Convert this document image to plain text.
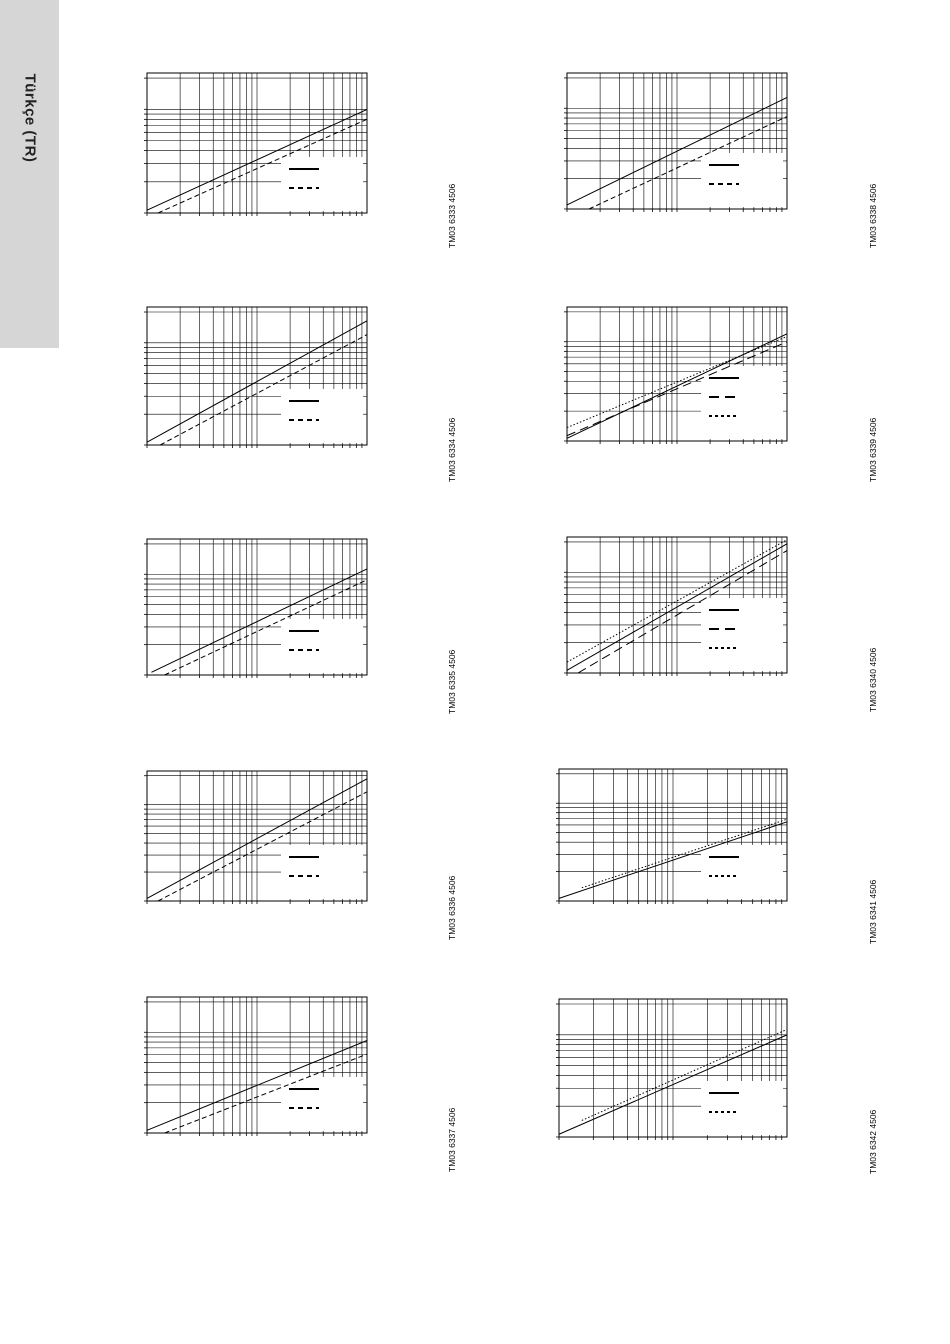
Türkçe (TR)
TM03 6333 4506
TM03 6334 4506
TM03 6335 4506
TM03 6336 4506
TM03 6337 4506
TM03 6338 4506
TM03 6339 4506
TM03 6340 4506
TM03 6341 4506
TM03 6342 4506
